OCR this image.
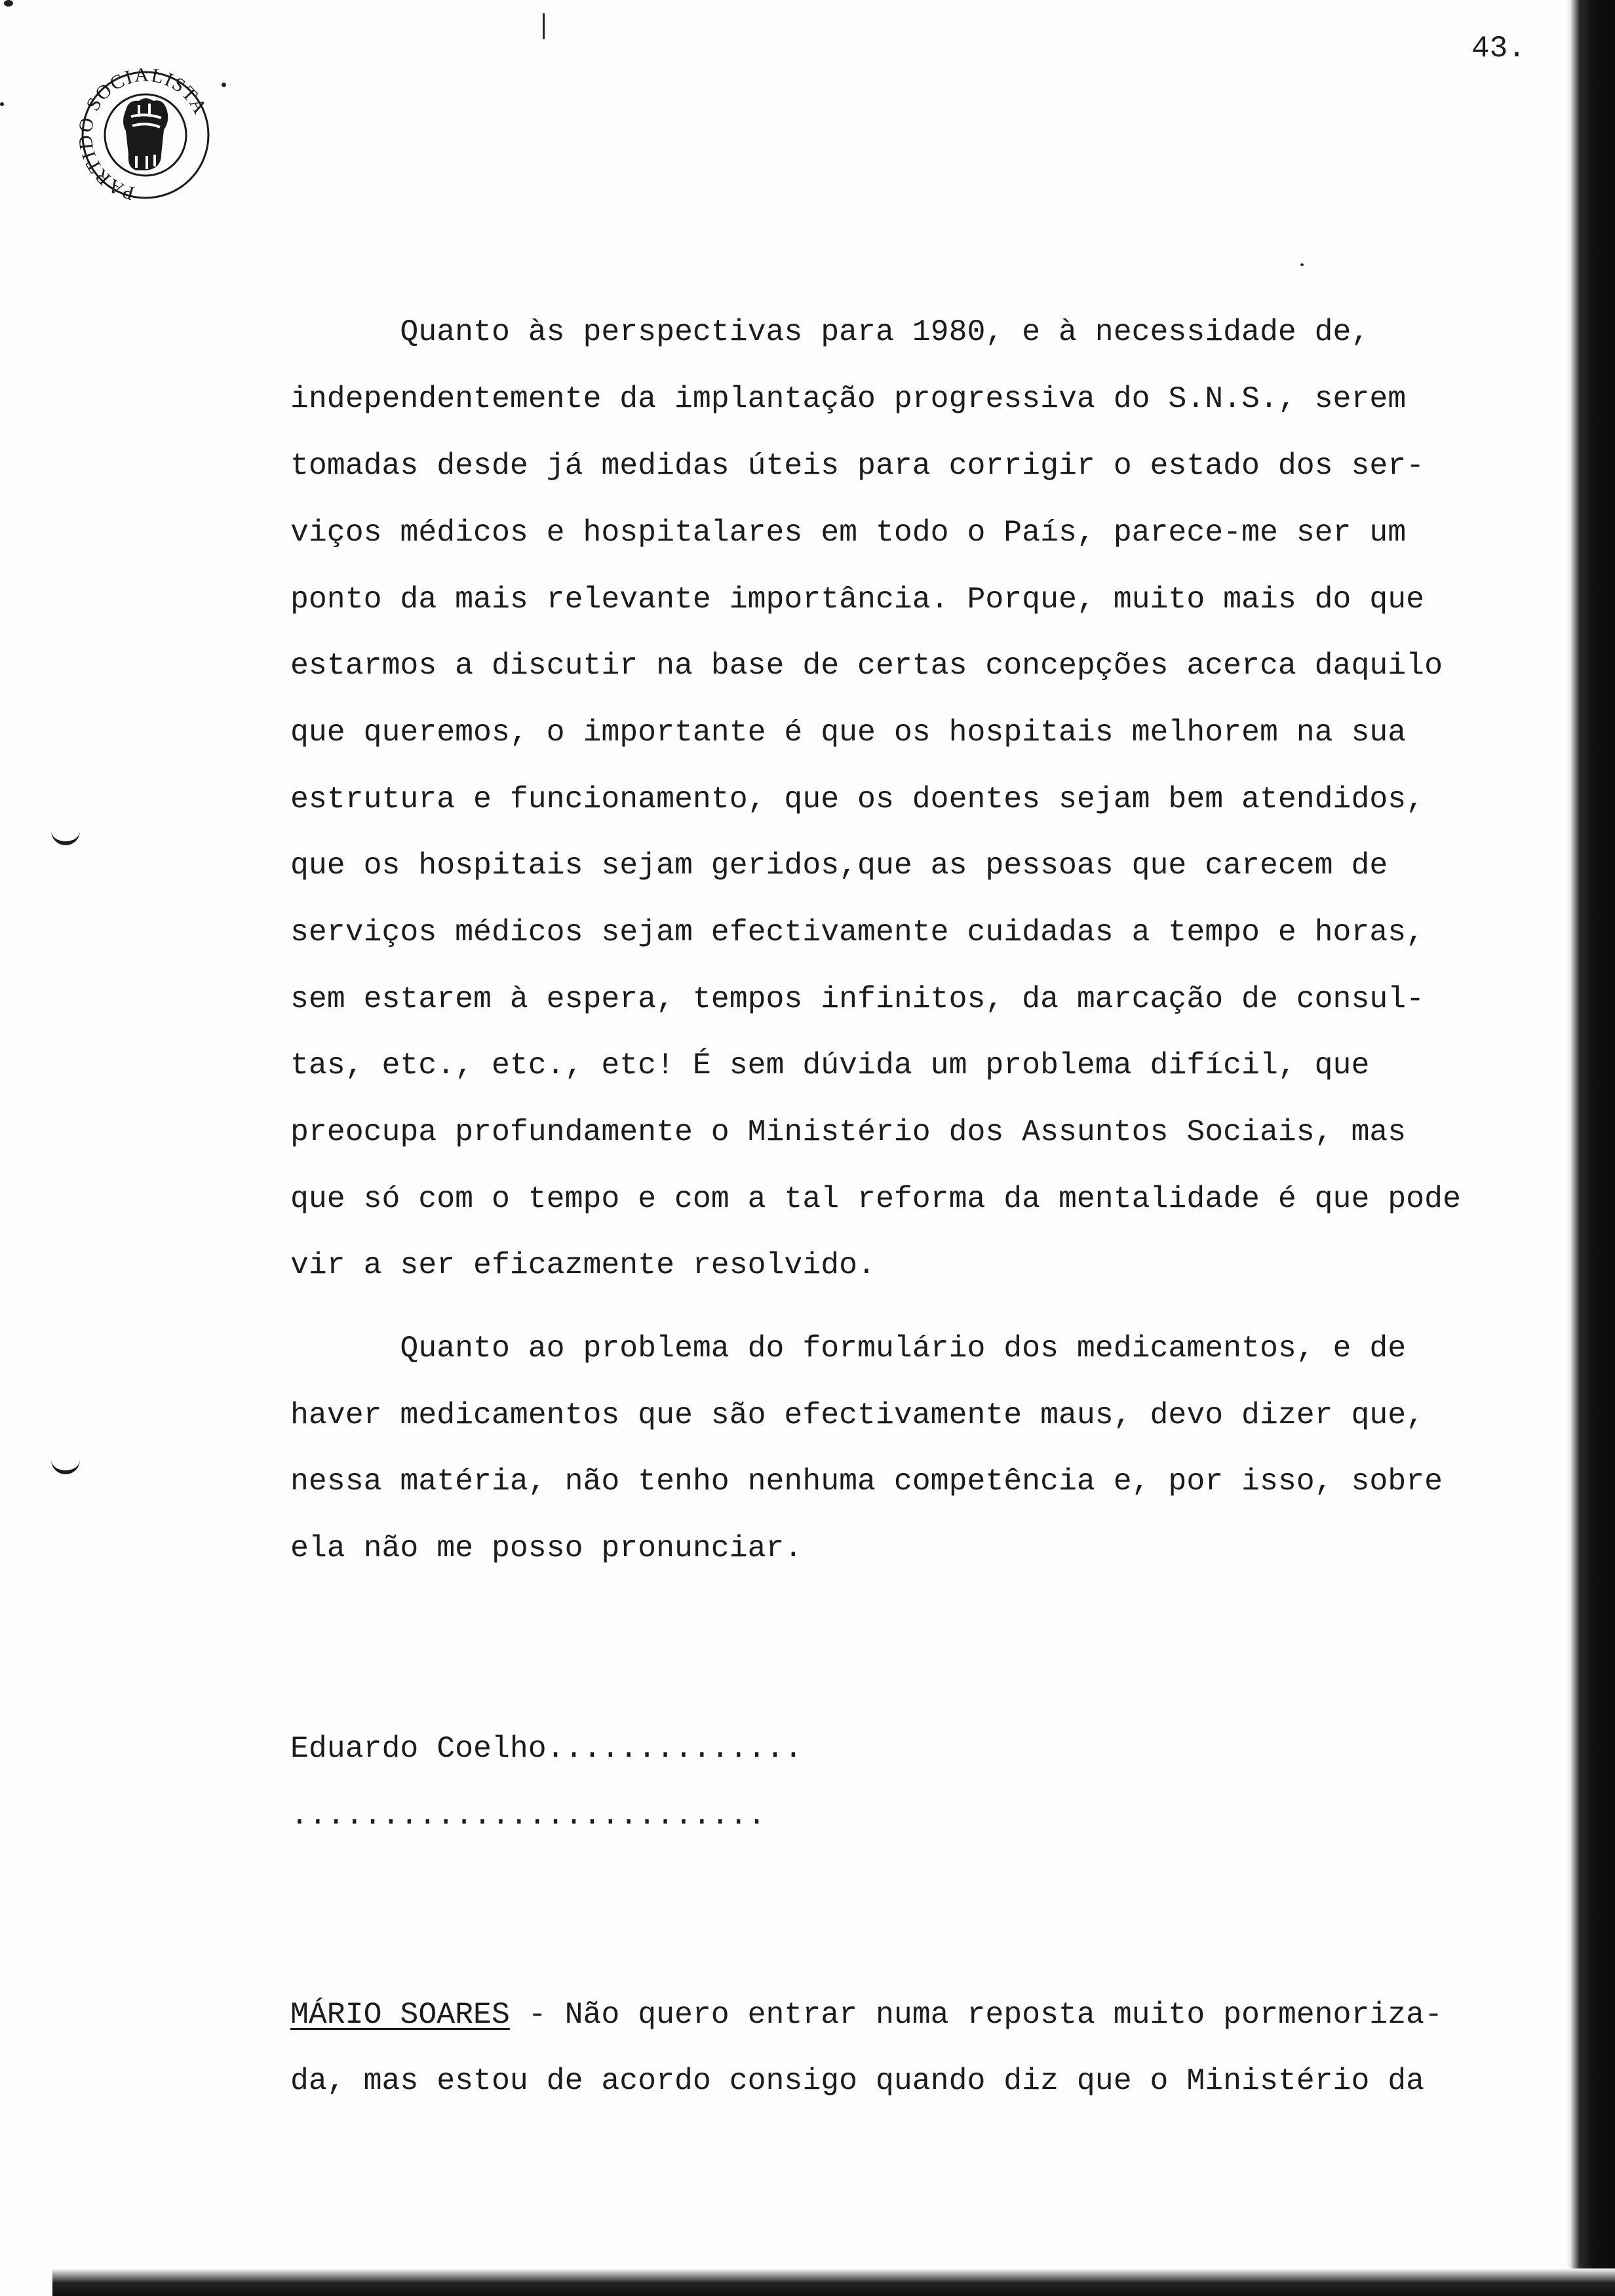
43.
PARTIDO SOCIALISTA
Quanto às perspectivas para 1980, e à necessidade de,
independentemente da implantação progressiva do S.N.S., serem
tomadas desde já medidas úteis para corrigir o estado dos ser-
viços médicos e hospitalares em todo o País, parece-me ser um
ponto da mais relevante importância. Porque, muito mais do que
estarmos a discutir na base de certas concepções acerca daquilo
que queremos, o importante é que os hospitais melhorem na sua
estrutura e funcionamento, que os doentes sejam bem atendidos,
que os hospitais sejam geridos,que as pessoas que carecem de
serviços médicos sejam efectivamente cuidadas a tempo e horas,
sem estarem à espera, tempos infinitos, da marcação de consul-
tas, etc., etc., etc! É sem dúvida um problema difícil, que
preocupa profundamente o Ministério dos Assuntos Sociais, mas
que só com o tempo e com a tal reforma da mentalidade é que pode
vir a ser eficazmente resolvido.
Quanto ao problema do formulário dos medicamentos, e de
haver medicamentos que são efectivamente maus, devo dizer que,
nessa matéria, não tenho nenhuma competência e, por isso, sobre
ela não me posso pronunciar.
Eduardo Coelho..............
..........................
MÁRIO SOARES - Não quero entrar numa reposta muito pormenoriza-
da, mas estou de acordo consigo quando diz que o Ministério da
